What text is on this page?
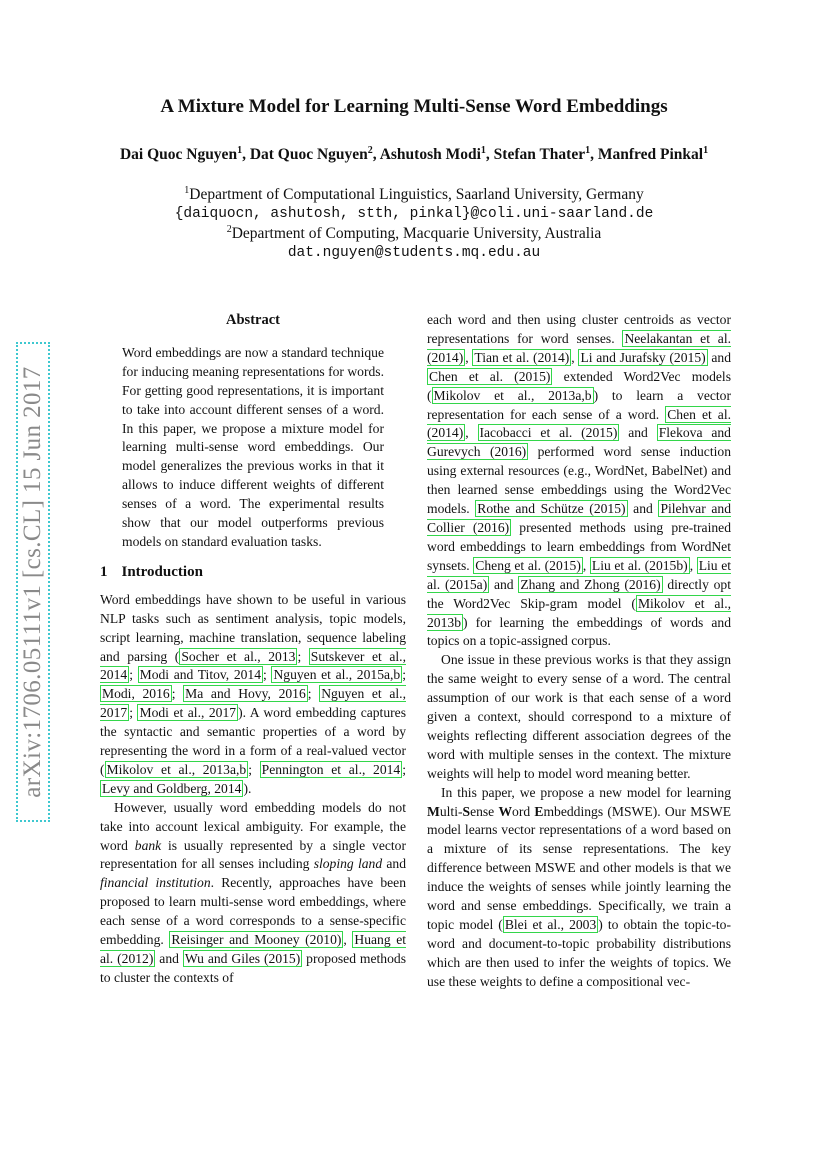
arXiv:1706.05111v1 [cs.CL] 15 Jun 2017
A Mixture Model for Learning Multi-Sense Word Embeddings
Dai Quoc Nguyen$^1$, Dat Quoc Nguyen$^2$, Ashutosh Modi$^1$, Stefan Thater$^1$, Manfred Pinkal$^1$
$^1$Department of Computational Linguistics, Saarland University, Germany
{daiquocn, ashutosh, stth, pinkal}@coli.uni-saarland.de
$^2$Department of Computing, Macquarie University, Australia
dat.nguyen@students.mq.edu.au
Abstract

Word embeddings are now a standard technique for inducing meaning representations for words. For getting good representations, it is important to take into account different senses of a word. In this paper, we propose a mixture model for learning multi-sense word embeddings. Our model generalizes the previous works in that it allows to induce different weights of different senses of a word. The experimental results show that our model outperforms previous models on standard evaluation tasks.

1 Introduction

Word embeddings have shown to be useful in various NLP tasks such as sentiment analysis, topic models, script learning, machine translation, sequence labeling and parsing ( Socher et al., 2013 ; Sutskever et al., 2014 ; Modi and Titov, 2014 ; Nguyen et al., 2015a,b ; Modi, 2016 ; Ma and Hovy, 2016 ; Nguyen et al., 2017 ; Modi et al., 2017 ). A word embedding captures the syntactic and semantic properties of a word by representing the word in a form of a real-valued vector ( Mikolov et al., 2013a,b ; Pennington et al., 2014 ; Levy and Goldberg, 2014 ).

However, usually word embedding models do not take into account lexical ambiguity. For example, the word bank is usually represented by a single vector representation for all senses including sloping land and financial institution. Recently, approaches have been proposed to learn multi-sense word embeddings, where each sense of a word corresponds to a sense-specific embedding. Reisinger and Mooney (2010) , Huang et al. (2012) and Wu and Giles (2015) proposed methods to cluster the contexts of

each word and then using cluster centroids as vector representations for word senses. Neelakantan et al. (2014) , Tian et al. (2014) , Li and Jurafsky (2015) and Chen et al. (2015) extended Word2Vec models ( Mikolov et al., 2013a,b ) to learn a vector representation for each sense of a word. Chen et al. (2014) , Iacobacci et al. (2015) and Flekova and Gurevych (2016) performed word sense induction using external resources (e.g., WordNet, BabelNet) and then learned sense embeddings using the Word2Vec models. Rothe and Schütze (2015) and Pilehvar and Collier (2016) presented methods using pre-trained word embeddings to learn embeddings from WordNet synsets. Cheng et al. (2015) , Liu et al. (2015b) , Liu et al. (2015a) and Zhang and Zhong (2016) directly opt the Word2Vec Skip-gram model ( Mikolov et al., 2013b ) for learning the embeddings of words and topics on a topic-assigned corpus.

One issue in these previous works is that they assign the same weight to every sense of a word. The central assumption of our work is that each sense of a word given a context, should correspond to a mixture of weights reflecting different association degrees of the word with multiple senses in the context. The mixture weights will help to model word meaning better.

In this paper, we propose a new model for learning Multi-Sense Word Embeddings (MSWE). Our MSWE model learns vector representations of a word based on a mixture of its sense representations. The key difference between MSWE and other models is that we induce the weights of senses while jointly learning the word and sense embeddings. Specifically, we train a topic model ( Blei et al., 2003 ) to obtain the topic-to-word and document-to-topic probability distributions which are then used to infer the weights of topics. We use these weights to define a compositional vec-
